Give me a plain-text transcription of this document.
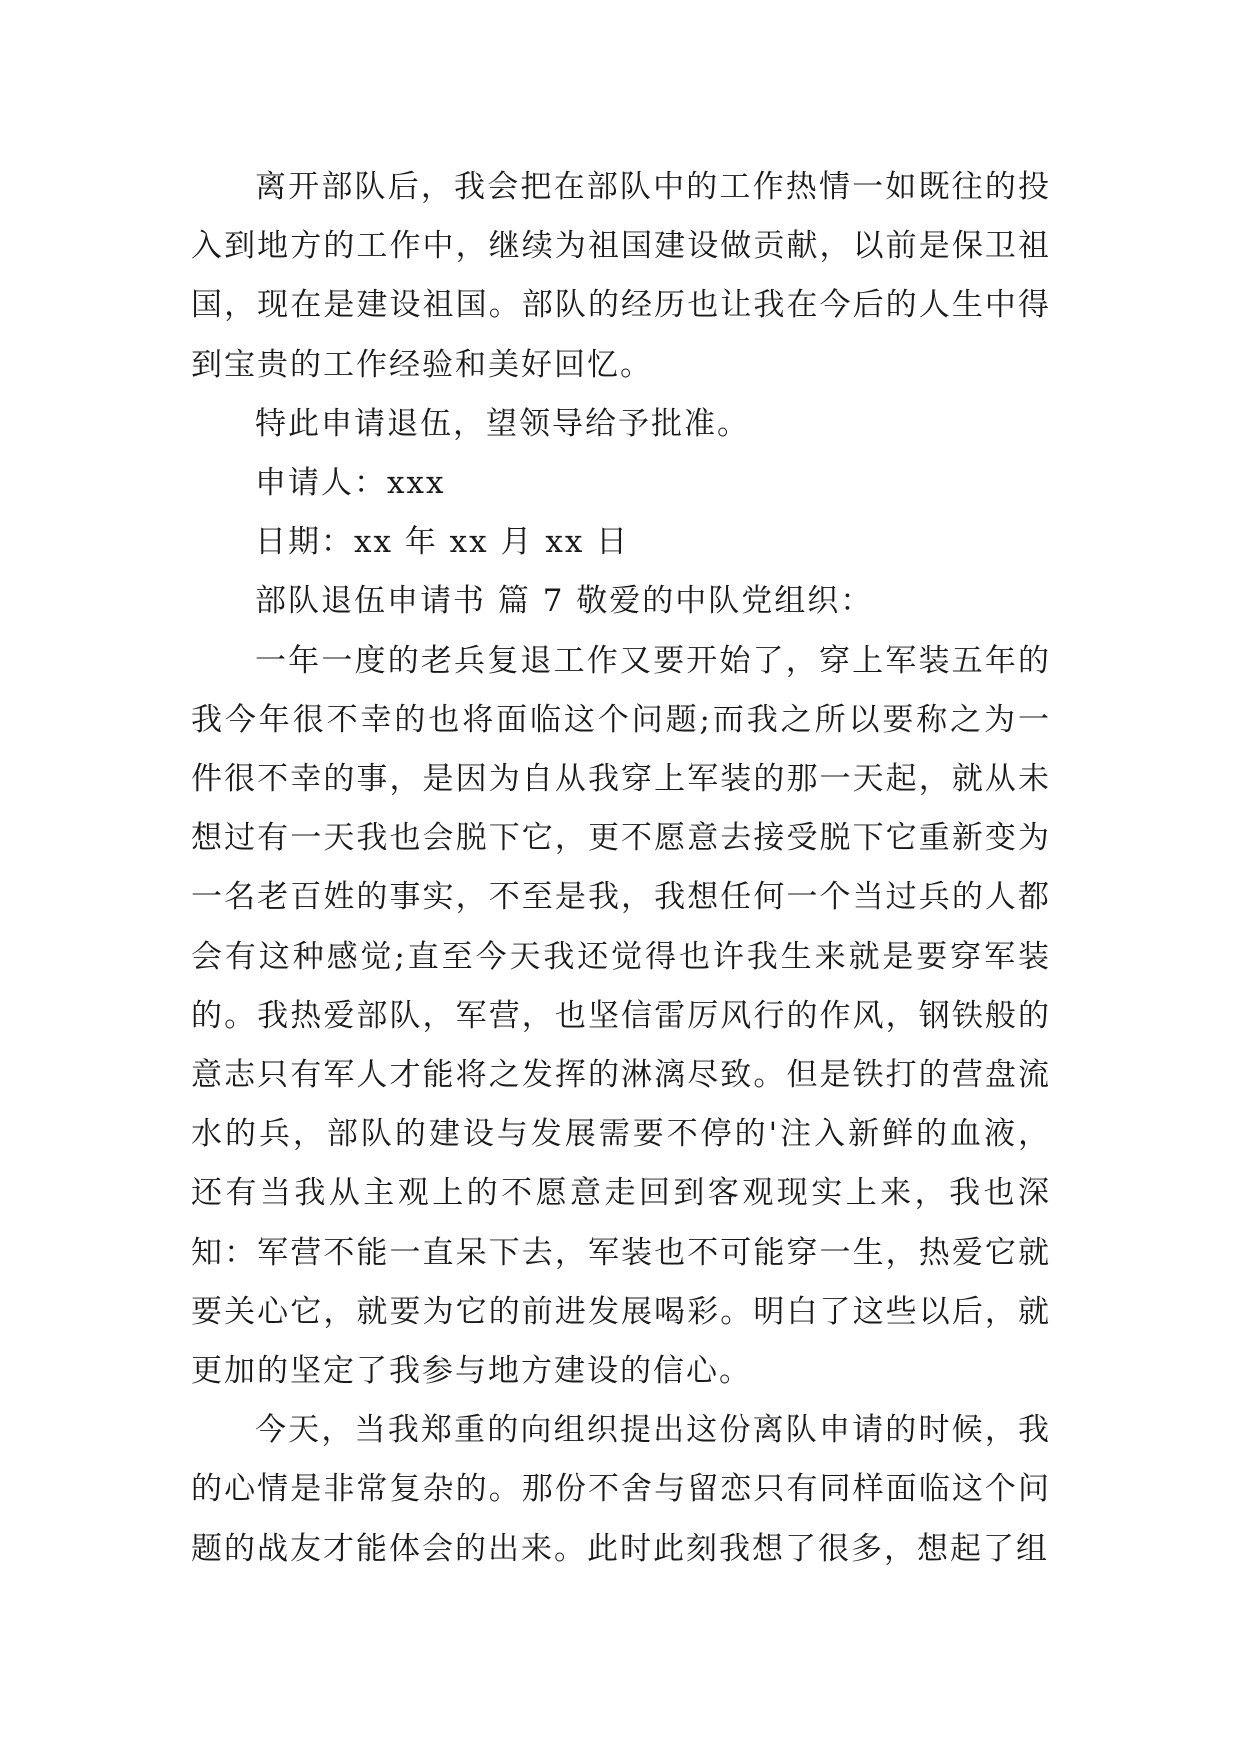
离开部队后，我会把在部队中的工作热情一如既往的投入到地方的工作中，继续为祖国建设做贡献，以前是保卫祖国，现在是建设祖国。部队的经历也让我在今后的人生中得到宝贵的工作经验和美好回忆。

特此申请退伍，望领导给予批准。

申请人：xxx

日期：xx 年 xx 月 xx 日

部队退伍申请书 篇 7 敬爱的中队党组织：

一年一度的老兵复退工作又要开始了，穿上军装五年的我今年很不幸的也将面临这个问题;而我之所以要称之为一件很不幸的事，是因为自从我穿上军装的那一天起，就从未想过有一天我也会脱下它，更不愿意去接受脱下它重新变为一名老百姓的事实，不至是我，我想任何一个当过兵的人都会有这种感觉;直至今天我还觉得也许我生来就是要穿军装的。我热爱部队，军营，也坚信雷厉风行的作风，钢铁般的意志只有军人才能将之发挥的淋漓尽致。但是铁打的营盘流水的兵，部队的建设与发展需要不停的'注入新鲜的血液，还有当我从主观上的不愿意走回到客观现实上来，我也深知：军营不能一直呆下去，军装也不可能穿一生，热爱它就要关心它，就要为它的前进发展喝彩。明白了这些以后，就更加的坚定了我参与地方建设的信心。

今天，当我郑重的向组织提出这份离队申请的时候，我的心情是非常复杂的。那份不舍与留恋只有同样面临这个问题的战友才能体会的出来。此时此刻我想了很多，想起了组
